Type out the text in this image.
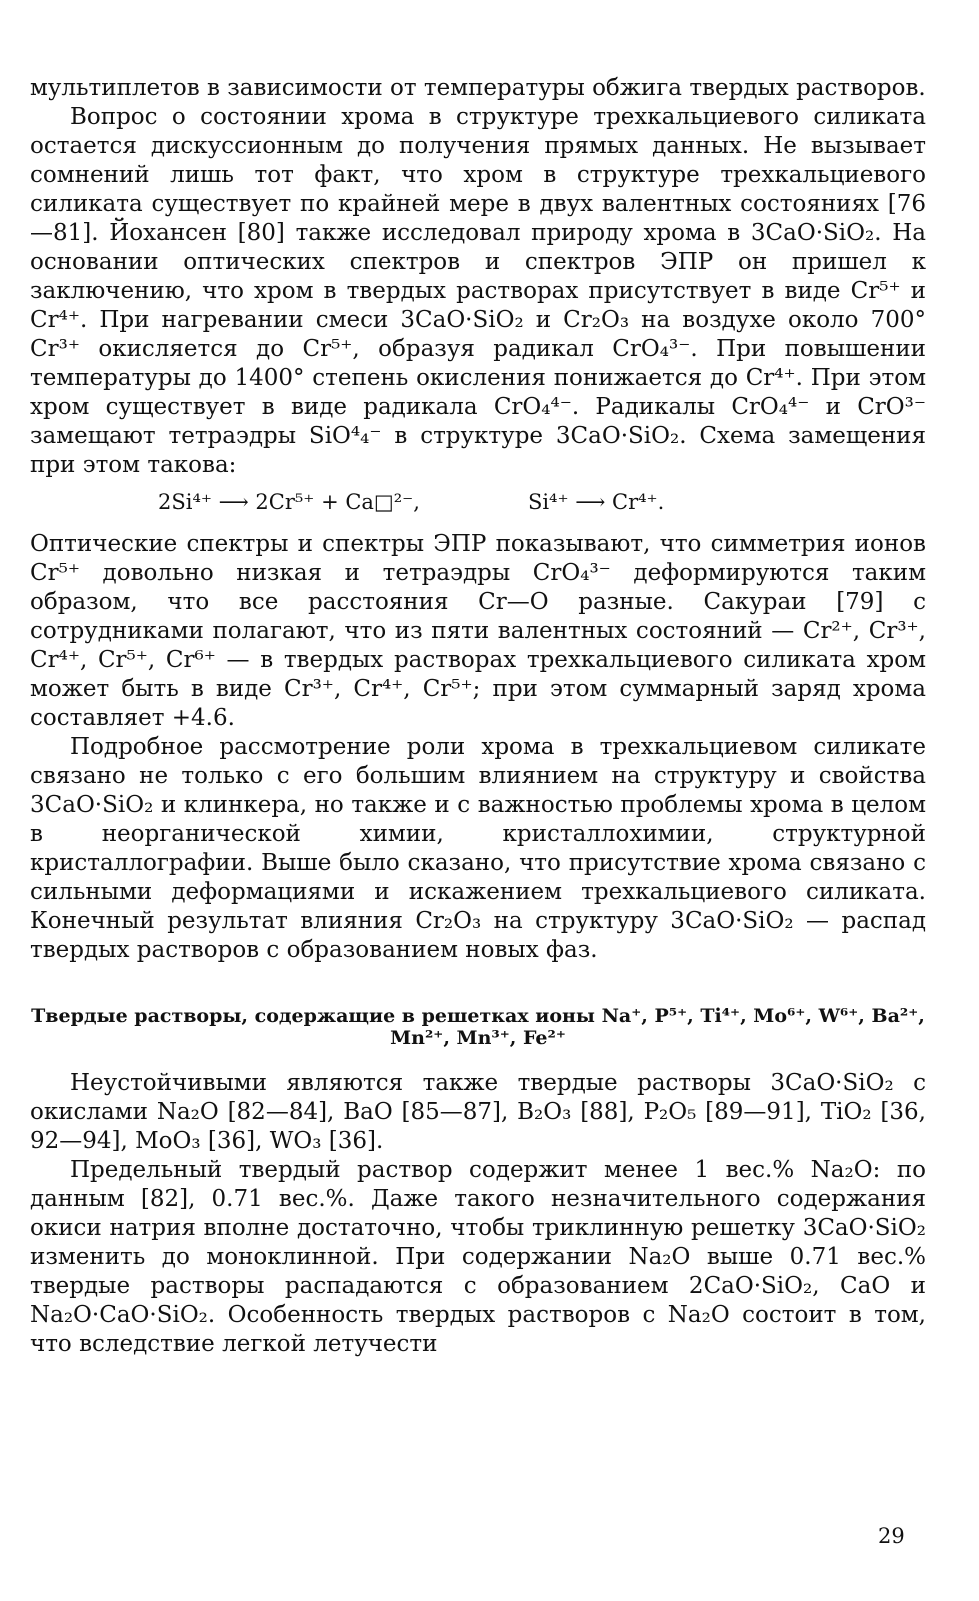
мультиплетов в зависимости от температуры обжига твердых растворов.

Вопрос о состоянии хрома в структуре трехкальциевого силиката остается дискуссионным до получения прямых данных. Не вызывает сомнений лишь тот факт, что хром в структуре трехкальциевого силиката существует по крайней мере в двух валентных состояниях [76—81]. Йохансен [80] также исследовал природу хрома в 3CaO·SiO₂. На основании оптических спектров и спектров ЭПР он пришел к заключению, что хром в твердых растворах присутствует в виде Cr⁵⁺ и Cr⁴⁺. При нагревании смеси 3CaO·SiO₂ и Cr₂O₃ на воздухе около 700° Cr³⁺ окисляется до Cr⁵⁺, образуя радикал CrO₄³⁻. При повышении температуры до 1400° степень окисления понижается до Cr⁴⁺. При этом хром существует в виде радикала CrO₄⁴⁻. Радикалы CrO₄⁴⁻ и CrO³⁻ замещают тетраэдры SiO⁴₄⁻ в структуре 3CaO·SiO₂. Схема замещения при этом такова:

2Si⁴⁺ ⟶ 2Cr⁵⁺ + Ca□²⁻,	Si⁴⁺ ⟶ Cr⁴⁺.

Оптические спектры и спектры ЭПР показывают, что симметрия ионов Cr⁵⁺ довольно низкая и тетраэдры CrO₄³⁻ деформируются таким образом, что все расстояния Cr—O разные. Сакураи [79] с сотрудниками полагают, что из пяти валентных состояний — Cr²⁺, Cr³⁺, Cr⁴⁺, Cr⁵⁺, Cr⁶⁺ — в твердых растворах трехкальциевого силиката хром может быть в виде Cr³⁺, Cr⁴⁺, Cr⁵⁺; при этом суммарный заряд хрома составляет +4.6.

Подробное рассмотрение роли хрома в трехкальциевом силикате связано не только с его большим влиянием на структуру и свойства 3CaO·SiO₂ и клинкера, но также и с важностью проблемы хрома в целом в неорганической химии, кристаллохимии, структурной кристаллографии. Выше было сказано, что присутствие хрома связано с сильными деформациями и искажением трехкальциевого силиката. Конечный результат влияния Cr₂O₃ на структуру 3CaO·SiO₂ — распад твердых растворов с образованием новых фаз.

Твердые растворы, содержащие в решетках ионы Na⁺, P⁵⁺, Ti⁴⁺, Mo⁶⁺, W⁶⁺, Ba²⁺, Mn²⁺, Mn³⁺, Fe²⁺

Неустойчивыми являются также твердые растворы 3CaO·SiO₂ с окислами Na₂O [82—84], BaO [85—87], B₂O₃ [88], P₂O₅ [89—91], TiO₂ [36, 92—94], MoO₃ [36], WO₃ [36].

Предельный твердый раствор содержит менее 1 вес.% Na₂O: по данным [82], 0.71 вес.%. Даже такого незначительного содержания окиси натрия вполне достаточно, чтобы триклинную решетку 3CaO·SiO₂ изменить до моноклинной. При содержании Na₂O выше 0.71 вес.% твердые растворы распадаются с образованием 2CaO·SiO₂, CaO и Na₂O·CaO·SiO₂. Особенность твердых растворов с Na₂O состоит в том, что вследствие легкой летучести

29
